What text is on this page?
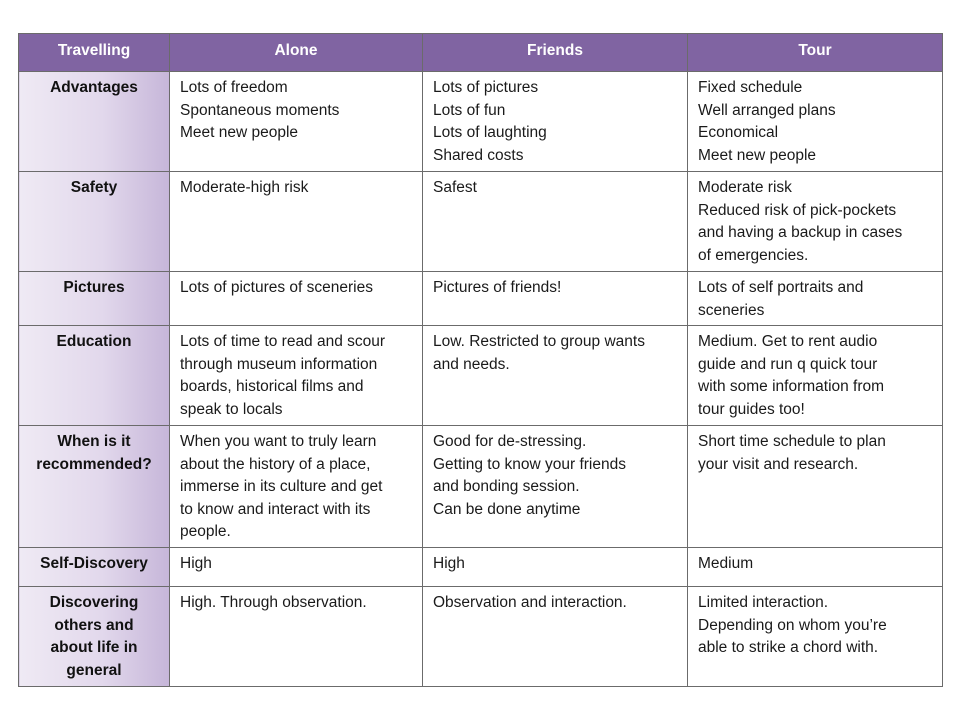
Travelling	Alone	Friends	Tour

Advantages	Lots of freedom
Spontaneous moments
Meet new people	Lots of pictures
Lots of fun
Lots of laughting
Shared costs	Fixed schedule
Well arranged plans
Economical
Meet new people

Safety	Moderate-high risk	Safest	Moderate risk
Reduced risk of pick-pockets
and having a backup in cases
of emergencies.

Pictures	Lots of pictures of sceneries	Pictures of friends!	Lots of self portraits and
sceneries

Education	Lots of time to read and scour
through museum information
boards, historical films and
speak to locals	Low. Restricted to group wants
and needs.	Medium. Get to rent audio
guide and run q quick tour
with some information from
tour guides too!

When is it
recommended?	When you want to truly learn
about the history of a place,
immerse in its culture and get
to know and interact with its
people.	Good for de-stressing.
Getting to know your friends
and bonding session.
Can be done anytime	Short time schedule to plan
your visit and research.

Self-Discovery	High	High	Medium

Discovering
others and
about life in
general	High. Through observation.	Observation and interaction.	Limited interaction.
Depending on whom you’re
able to strike a chord with.
